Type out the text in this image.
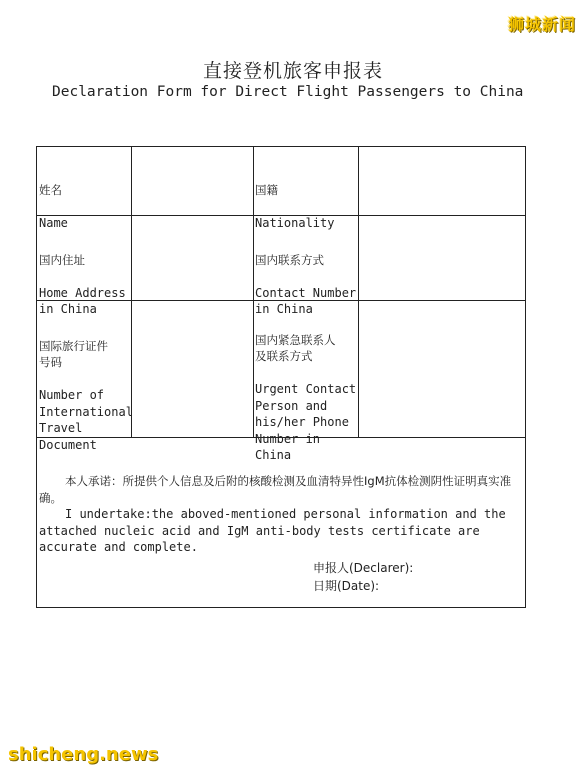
狮城新闻
直接登机旅客申报表
Declaration Form for Direct Flight Passengers to China

姓名

Name

国籍

Nationality

国内住址

Home Address
in China

国内联系方式

Contact Number
in China

国际旅行证件
号码

Number of
International
Travel
Document

国内紧急联系人
及联系方式

Urgent Contact
Person and
his/her Phone
Number in
China

本人承诺：所提供个人信息及后附的核酸检测及血清特异性IgM抗体检测阴性证明真实准确。
I undertake:the aboved-mentioned personal information and the attached nucleic acid and IgM anti-body tests certificate are accurate and complete.
申报人(Declarer):
日期(Date):
shicheng.news
